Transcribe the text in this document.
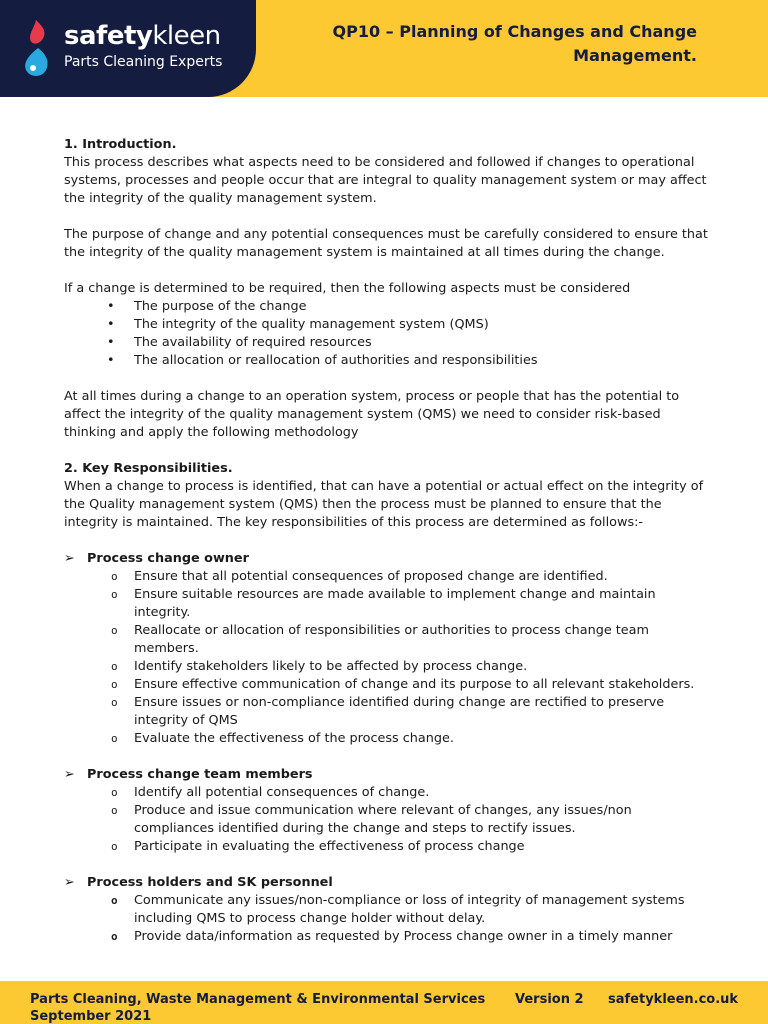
safetykleen
Parts Cleaning Experts
QP10 – Planning of Changes and Change Management.

1. Introduction.

This process describes what aspects need to be considered and followed if changes to operational systems, processes and people occur that are integral to quality management system or may affect the integrity of the quality management system.

The purpose of change and any potential consequences must be carefully considered to ensure that the integrity of the quality management system is maintained at all times during the change.

If a change is determined to be required, then the following aspects must be considered

• The purpose of the change
• The integrity of the quality management system (QMS)
• The availability of required resources
• The allocation or reallocation of authorities and responsibilities

At all times during a change to an operation system, process or people that has the potential to affect the integrity of the quality management system (QMS) we need to consider risk-based thinking and apply the following methodology

2. Key Responsibilities.

When a change to process is identified, that can have a potential or actual effect on the integrity of the Quality management system (QMS) then the process must be planned to ensure that the integrity is maintained. The key responsibilities of this process are determined as follows:-

➢ Process change owner
o Ensure that all potential consequences of proposed change are identified.
o Ensure suitable resources are made available to implement change and maintain integrity.
o Reallocate or allocation of responsibilities or authorities to process change team members.
o Identify stakeholders likely to be affected by process change.
o Ensure effective communication of change and its purpose to all relevant stakeholders.
o Ensure issues or non-compliance identified during change are rectified to preserve integrity of QMS
o Evaluate the effectiveness of the process change.
➢ Process change team members
o Identify all potential consequences of change.
o Produce and issue communication where relevant of changes, any issues/non compliances identified during the change and steps to rectify issues.
o Participate in evaluating the effectiveness of process change
➢ Process holders and SK personnel
o Communicate any issues/non-compliance or loss of integrity of management systems including QMS to process change holder without delay.
o Provide data/information as requested by Process change owner in a timely manner
Parts Cleaning, Waste Management & Environmental Services Version 2 safetykleen.co.uk
September 2021
